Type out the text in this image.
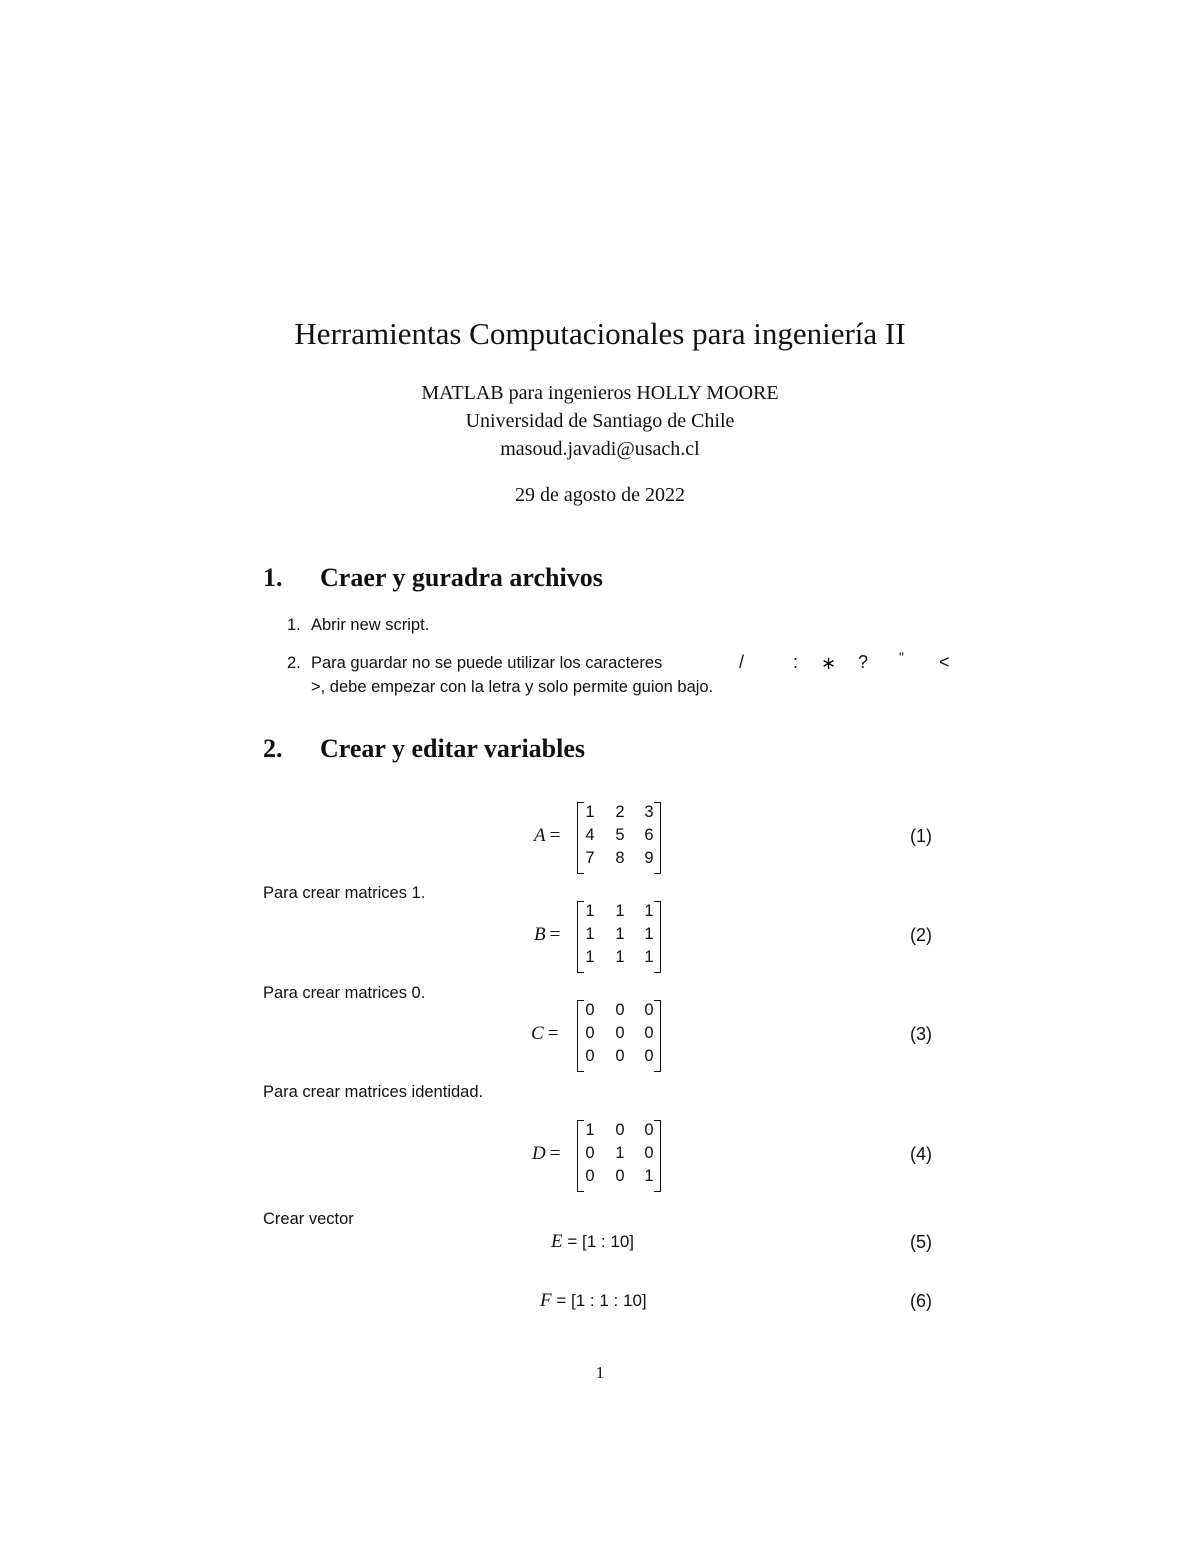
Herramientas Computacionales para ingeniería II
MATLAB para ingenieros HOLLY MOORE
Universidad de Santiago de Chile
masoud.javadi@usach.cl
29 de agosto de 2022
1. Craer y guradra archivos
1. Abrir new script.
2. Para guardar no se puede utilizar los caracteres	/	: ∗ ? " <
>, debe empezar con la letra y solo permite guion bajo.
2. Crear y editar variables
A =
1	2	3
4	5	6
7	8	9
(1)
Para crear matrices 1.
B =
1	1	1
1	1	1
1	1	1
(2)
Para crear matrices 0.
C =
0	0	0
0	0	0
0	0	0
(3)
Para crear matrices identidad.
D =
1	0	0
0	1	0
0	0	1
(4)
Crear vector
E = [1 : 10]	(5)
F = [1 : 1 : 10]	(6)
1
